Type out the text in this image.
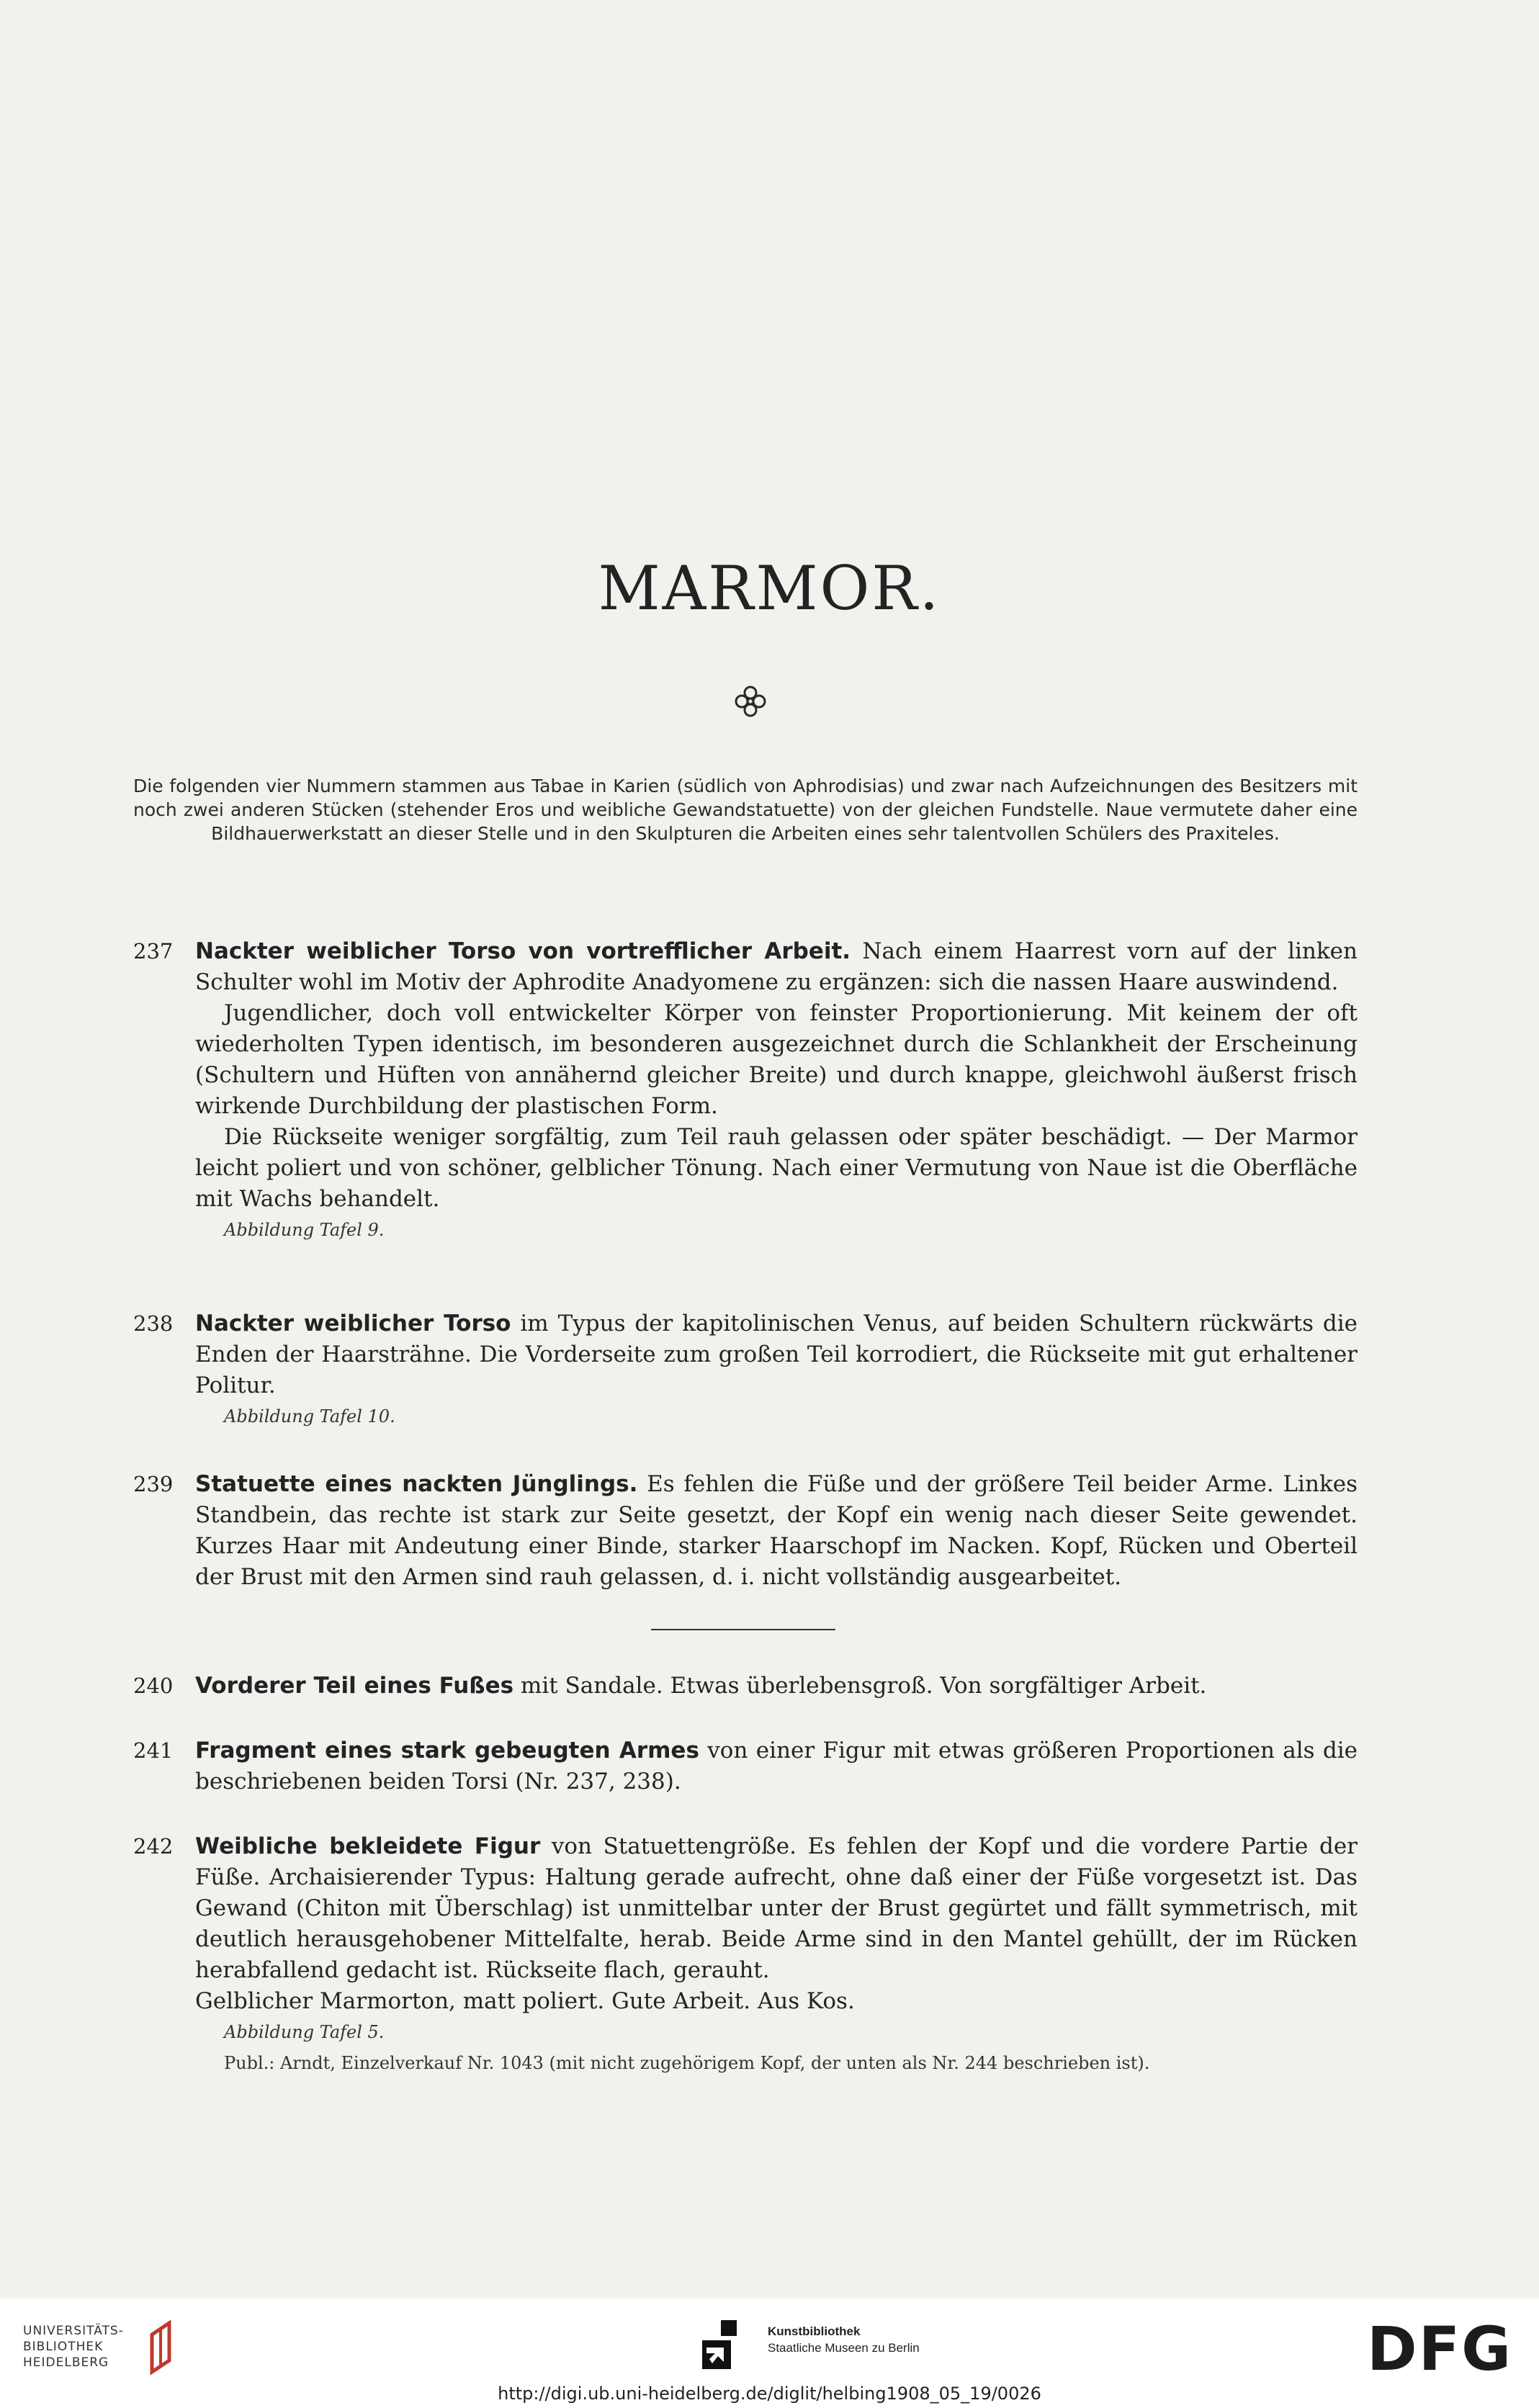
MARMOR.

Die folgenden vier Nummern stammen aus Tabae in Karien (südlich von Aphrodisias) und zwar nach Aufzeichnungen des Besitzers mit noch zwei anderen Stücken (stehender Eros und weibliche Gewandstatuette) von der gleichen Fundstelle. Naue vermutete daher eine Bildhauerwerkstatt an dieser Stelle und in den Skulpturen die Arbeiten eines sehr talentvollen Schülers des Praxiteles.

237 Nackter weiblicher Torso von vortrefflicher Arbeit. Nach einem Haarrest vorn auf der linken Schulter wohl im Motiv der Aphrodite Anadyomene zu ergänzen: sich die nassen Haare auswindend.

Jugendlicher, doch voll entwickelter Körper von feinster Proportionierung. Mit keinem der oft wiederholten Typen identisch, im besonderen ausgezeichnet durch die Schlankheit der Erscheinung (Schultern und Hüften von annähernd gleicher Breite) und durch knappe, gleichwohl äußerst frisch wirkende Durchbildung der plastischen Form.

Die Rückseite weniger sorgfältig, zum Teil rauh gelassen oder später beschädigt. — Der Marmor leicht poliert und von schöner, gelblicher Tönung. Nach einer Vermutung von Naue ist die Oberfläche mit Wachs behandelt.

Abbildung Tafel 9.

238 Nackter weiblicher Torso im Typus der kapitolinischen Venus, auf beiden Schultern rückwärts die Enden der Haarsträhne. Die Vorderseite zum großen Teil korrodiert, die Rückseite mit gut erhaltener Politur.

Abbildung Tafel 10.

239 Statuette eines nackten Jünglings. Es fehlen die Füße und der größere Teil beider Arme. Linkes Standbein, das rechte ist stark zur Seite gesetzt, der Kopf ein wenig nach dieser Seite gewendet. Kurzes Haar mit Andeutung einer Binde, starker Haarschopf im Nacken. Kopf, Rücken und Oberteil der Brust mit den Armen sind rauh gelassen, d. i. nicht vollständig ausgearbeitet.

240 Vorderer Teil eines Fußes mit Sandale. Etwas überlebensgroß. Von sorgfältiger Arbeit.

241 Fragment eines stark gebeugten Armes von einer Figur mit etwas größeren Proportionen als die beschriebenen beiden Torsi (Nr. 237, 238).

242 Weibliche bekleidete Figur von Statuettengröße. Es fehlen der Kopf und die vordere Partie der Füße. Archaisierender Typus: Haltung gerade aufrecht, ohne daß einer der Füße vorgesetzt ist. Das Gewand (Chiton mit Überschlag) ist unmittelbar unter der Brust gegürtet und fällt symmetrisch, mit deutlich herausgehobener Mittelfalte, herab. Beide Arme sind in den Mantel gehüllt, der im Rücken herabfallend gedacht ist. Rückseite flach, gerauht.

Gelblicher Marmorton, matt poliert. Gute Arbeit. Aus Kos.

Abbildung Tafel 5.

Publ.: Arndt, Einzelverkauf Nr. 1043 (mit nicht zugehörigem Kopf, der unten als Nr. 244 beschrieben ist).

UNIVERSITÄTS-
BIBLIOTHEK
HEIDELBERG
Kunstbibliothek
Staatliche Museen zu Berlin	DFG
http://digi.ub.uni-heidelberg.de/diglit/helbing1908_05_19/0026
